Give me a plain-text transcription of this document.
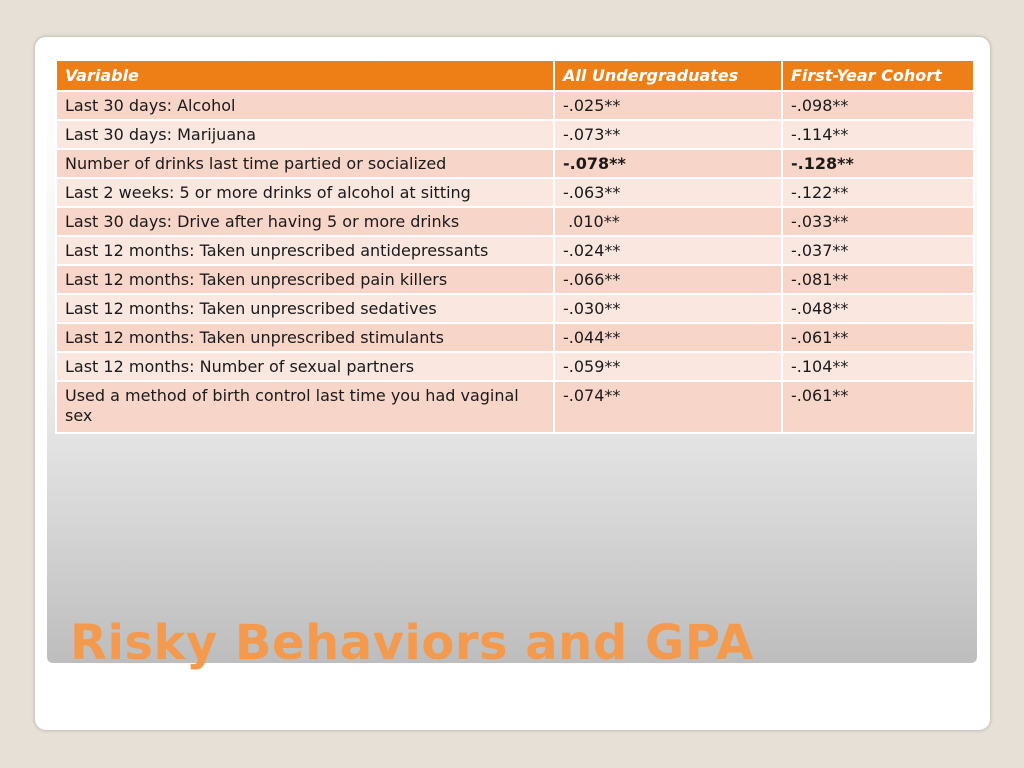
Variable	All Undergraduates	First-Year Cohort
Last 30 days: Alcohol	-.025**	-.098**
Last 30 days: Marijuana	-.073**	-.114**
Number of drinks last time partied or socialized	-.078**	-.128**
Last 2 weeks: 5 or more drinks of alcohol at sitting	-.063**	-.122**
Last 30 days: Drive after having 5 or more drinks	.010**	-.033**
Last 12 months: Taken unprescribed antidepressants	-.024**	-.037**
Last 12 months: Taken unprescribed pain killers	-.066**	-.081**
Last 12 months: Taken unprescribed sedatives	-.030**	-.048**
Last 12 months: Taken unprescribed stimulants	-.044**	-.061**
Last 12 months: Number of sexual partners	-.059**	-.104**
Used a method of birth control last time you had vaginal sex	-.074**	-.061**
Risky Behaviors and GPA
